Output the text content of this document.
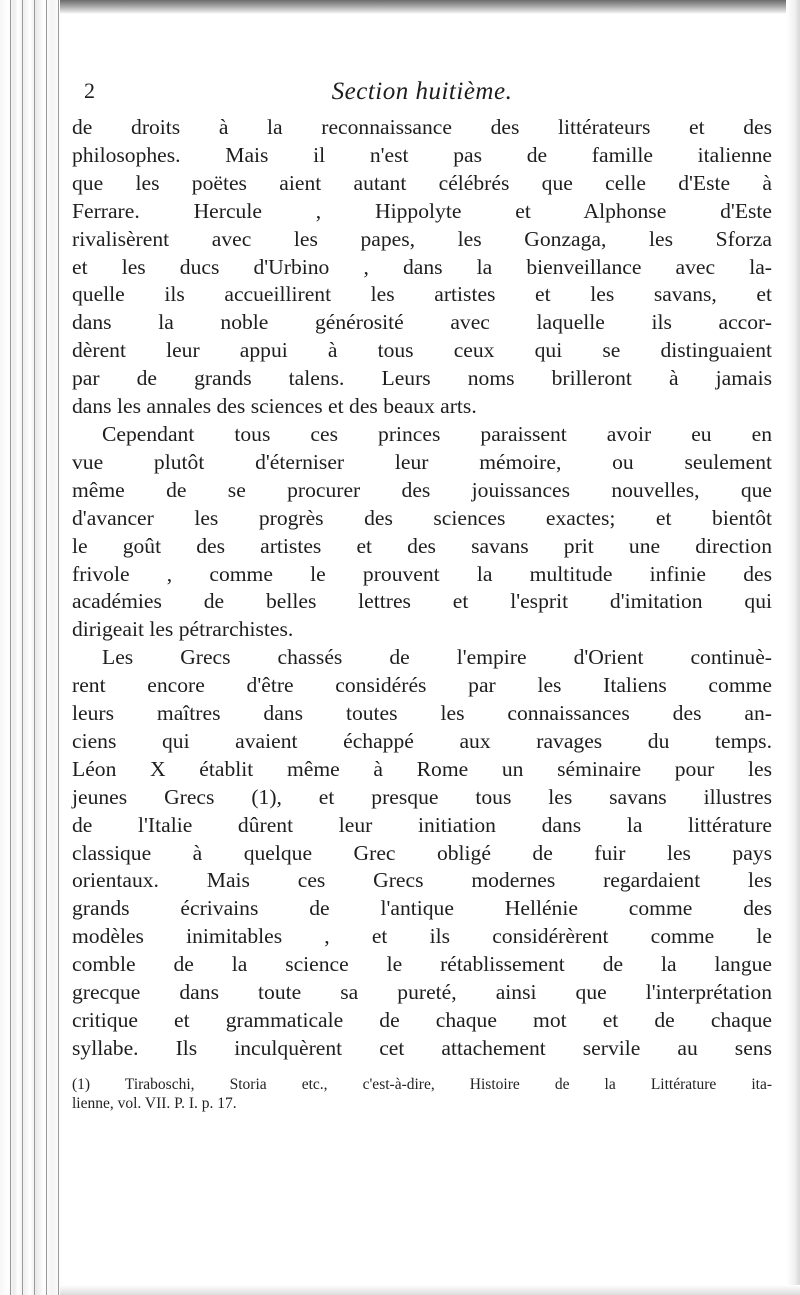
2	Section huitième.
de droits à la reconnaissance des littérateurs et des
philosophes. Mais il n'est pas de famille italienne
que les poëtes aient autant célébrés que celle d'Este à
Ferrare. Hercule , Hippolyte et Alphonse d'Este
rivalisèrent avec les papes, les Gonzaga, les Sforza
et les ducs d'Urbino , dans la bienveillance avec la-
quelle ils accueillirent les artistes et les savans, et
dans la noble générosité avec laquelle ils accor-
dèrent leur appui à tous ceux qui se distinguaient
par de grands talens. Leurs noms brilleront à jamais
dans les annales des sciences et des beaux arts.
Cependant tous ces princes paraissent avoir eu en
vue plutôt d'éterniser leur mémoire, ou seulement
même de se procurer des jouissances nouvelles, que
d'avancer les progrès des sciences exactes; et bientôt
le goût des artistes et des savans prit une direction
frivole , comme le prouvent la multitude infinie des
académies de belles lettres et l'esprit d'imitation qui
dirigeait les pétrarchistes.
Les Grecs chassés de l'empire d'Orient continuè-
rent encore d'être considérés par les Italiens comme
leurs maîtres dans toutes les connaissances des an-
ciens qui avaient échappé aux ravages du temps.
Léon X établit même à Rome un séminaire pour les
jeunes Grecs (1), et presque tous les savans illustres
de l'Italie dûrent leur initiation dans la littérature
classique à quelque Grec obligé de fuir les pays
orientaux. Mais ces Grecs modernes regardaient les
grands écrivains de l'antique Hellénie comme des
modèles inimitables , et ils considérèrent comme le
comble de la science le rétablissement de la langue
grecque dans toute sa pureté, ainsi que l'interprétation
critique et grammaticale de chaque mot et de chaque
syllabe. Ils inculquèrent cet attachement servile au sens
(1) Tiraboschi, Storia etc., c'est-à-dire, Histoire de la Littérature ita-
lienne, vol. VII. P. I. p. 17.
